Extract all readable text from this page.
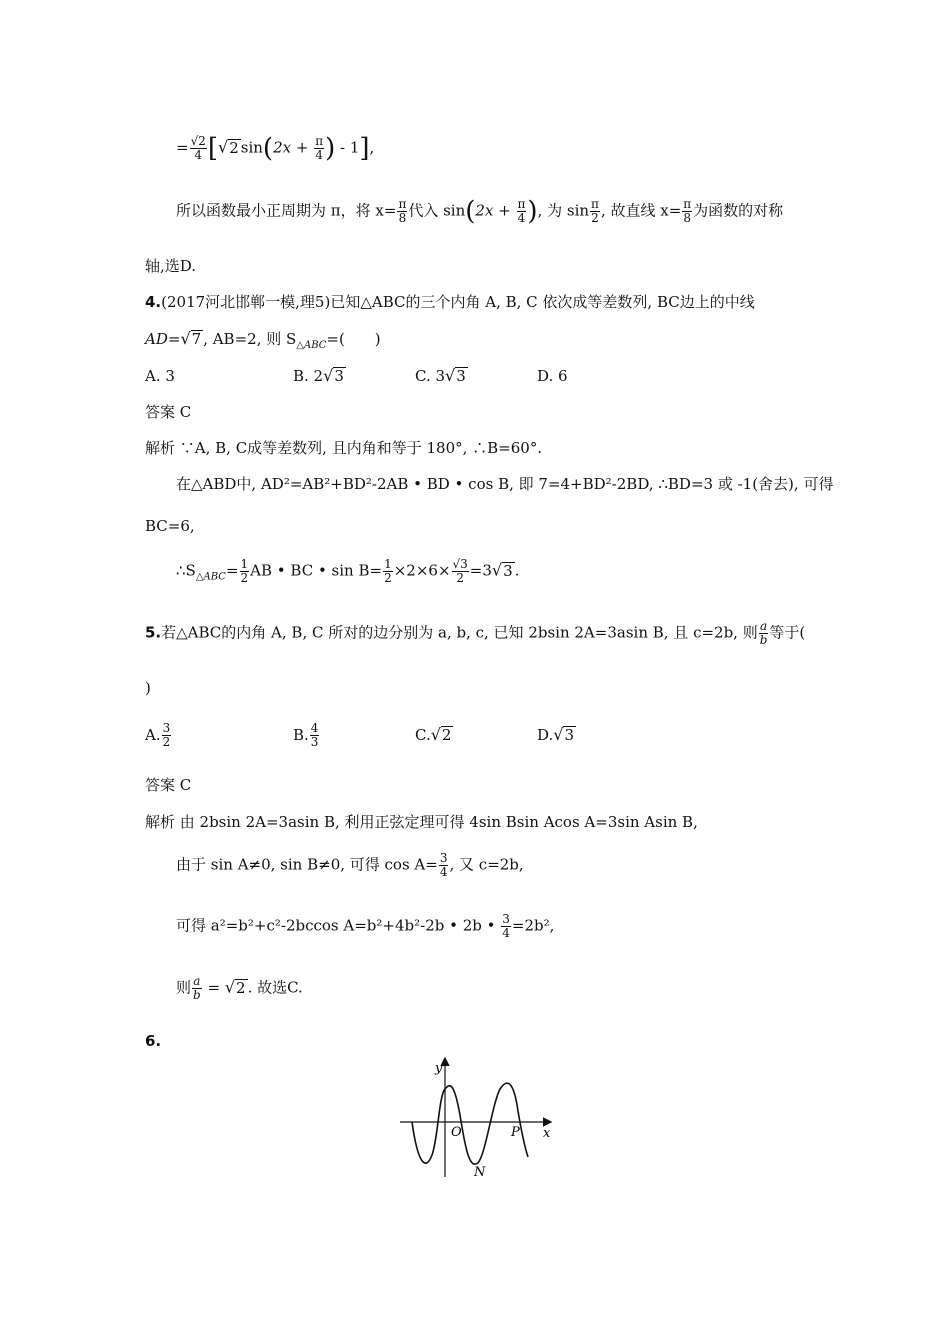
= $\frac{√2}{4} [√2$ $\sin(2x + \frac{\pi}{4}$ ) - 1],
所以函数最小正周期为 π，将 $x= \frac{\pi}{8}$ 代入 $\sin(2x + \frac{\pi}{4}$ ), 为 $\sin \frac{\pi}{2}$ , 故直线 $x= \frac{\pi}{8}$ 为函数的对称
轴,选D.
4.(2017河北邯郸一模,理5)已知△ABC的三个内角 A, B, C 依次成等差数列, BC边上的中线
AD=√7 , AB=2, 则 $S_{\triangle ABC}=$(　　)
A. 3	B. 2√3	C. 3√3	D. 6
答案 C
解析 ∵A, B, C成等差数列, 且内角和等于 180°, ∴B=60°.
在△ABD中, AD²=AB²+BD²-2AB • BD • cos B, 即 7=4+BD²-2BD, ∴BD=3 或 -1(舍去), 可得
BC=6,
$\therefore S_{\triangle ABC}= \frac{1}{2}$ AB • BC • $\sin B= \frac{1}{2} \times 2\times 6\times \frac{√3}{2} =3√3$ .
5.若△ABC的内角 A, B, C 所对的边分别为 a, b, c, 已知 2bsin 2A=3asin B, 且 c=2b, 则 $\frac{a}{b}$ 等于(
)
A. $\frac{3}{2}$	B. $\frac{4}{3}$	C.√2	D.√3
答案 C
解析 由 2bsin 2A=3asin B, 利用正弦定理可得 4sin Bsin Acos A=3sin Asin B,
由于 sin A≠0, sin B≠0, 可得 $\cos A= \frac{3}{4}$ , 又 c=2b,
可得 a²=b²+c²-2bccos A=b²+4b²-2b • 2b • $\frac{3}{4} =2b^2$,
则 $\frac{a}{b} = √2$ . 故选C.
6.
y
x
O	P
N
